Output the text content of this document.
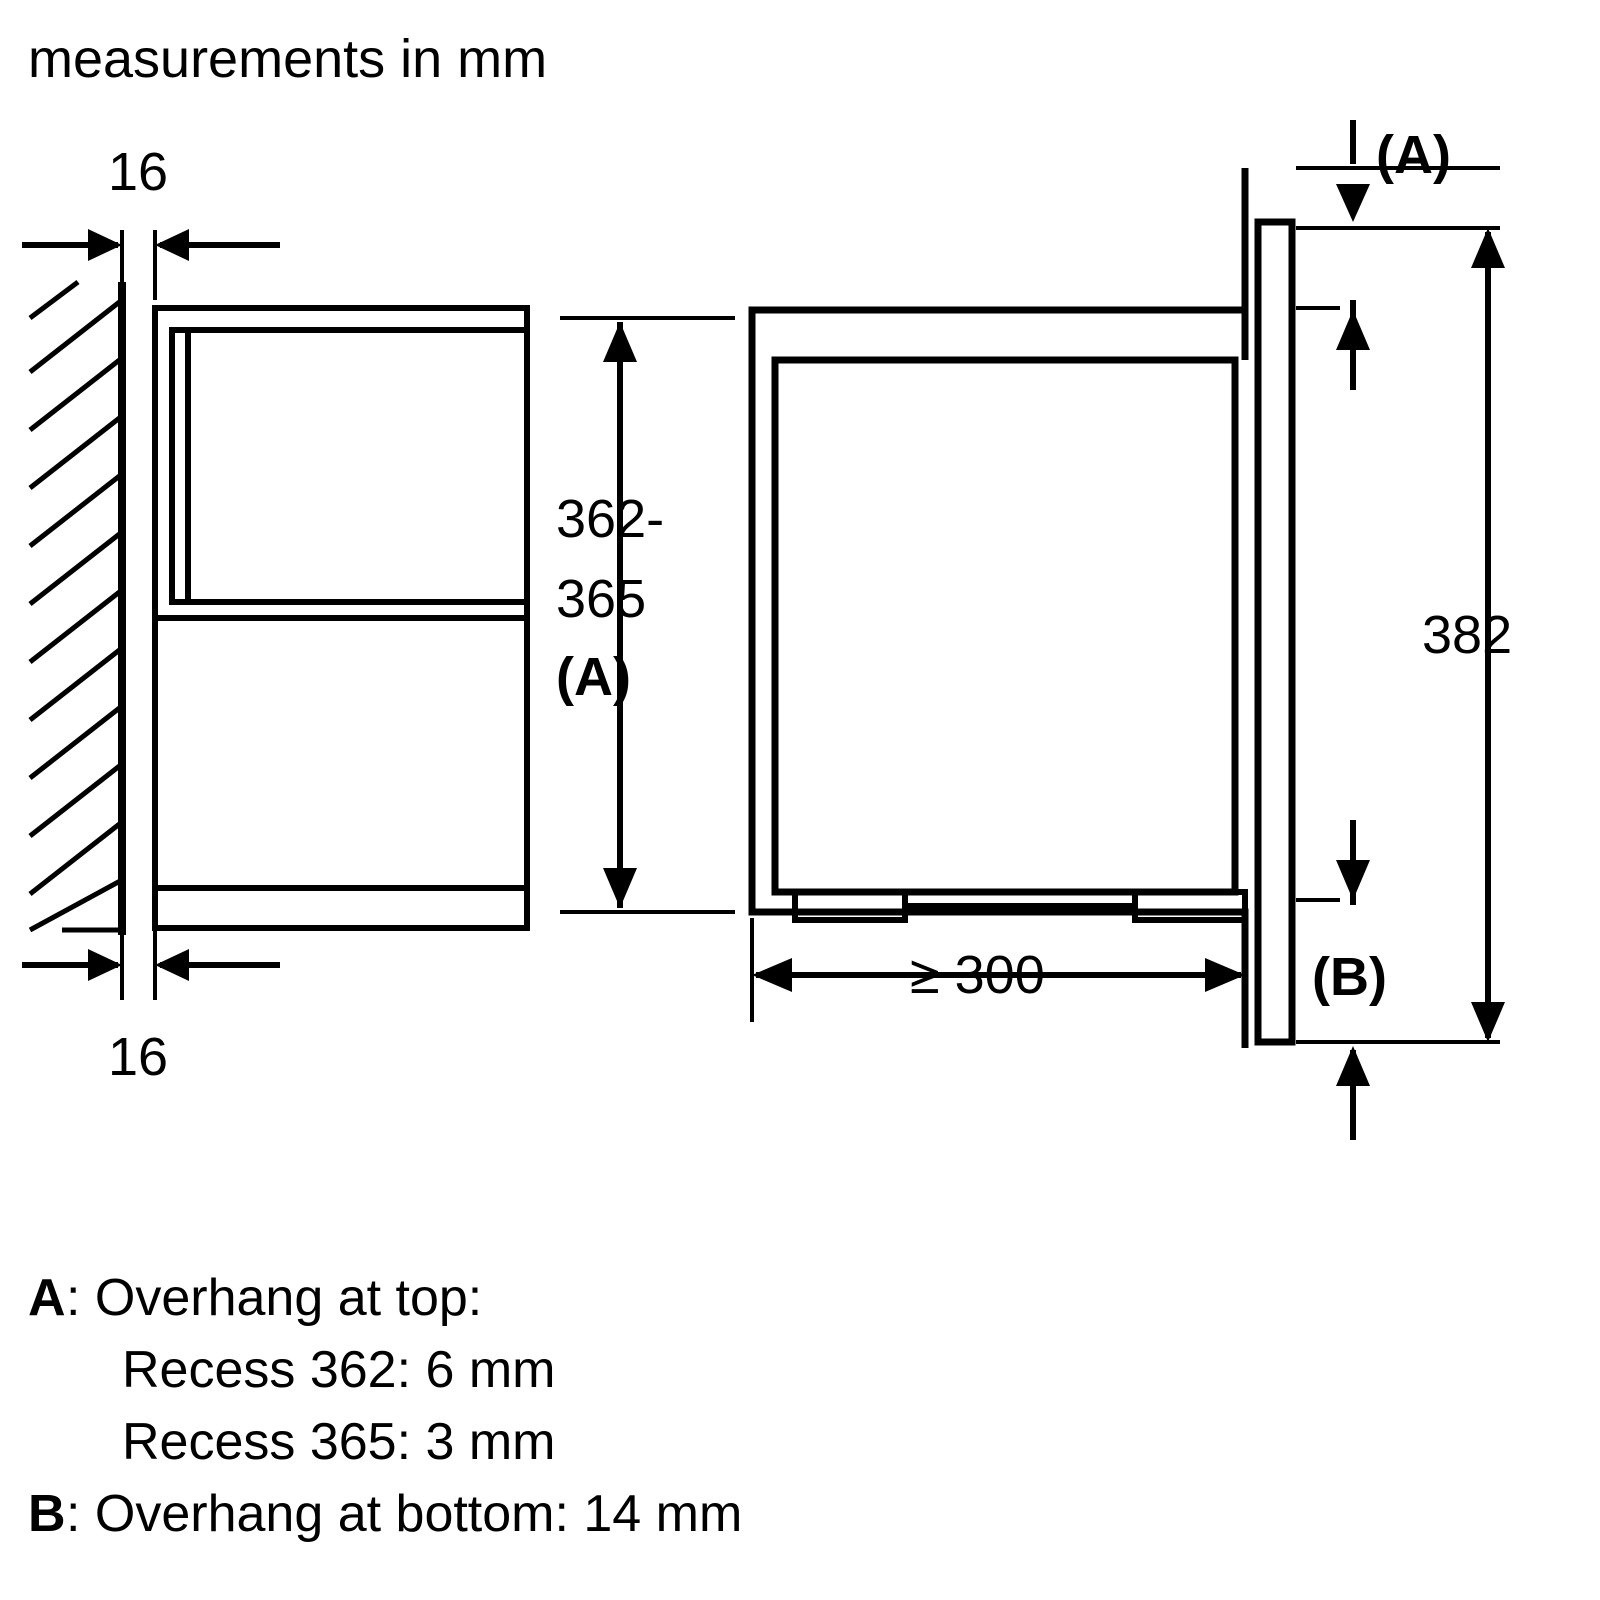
measurements in mm
16
16
362-
365
(A)
≥ 300
(A)
(B)
382
A : Overhang at top:
Recess 362: 6 mm
Recess 365: 3 mm
B : Overhang at bottom: 14 mm
